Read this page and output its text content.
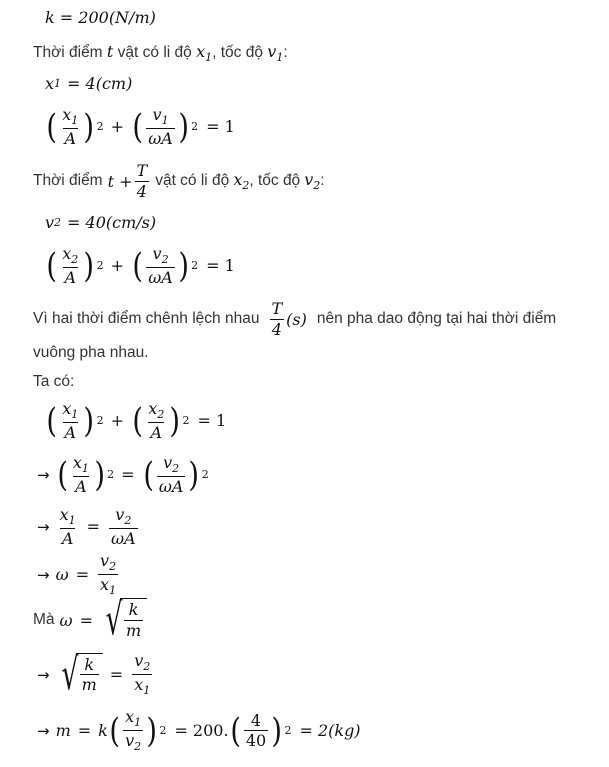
k = 200(N/m)
Thời điểm t vật có li độ $x_1$, tốc độ $v_1$:
x 1 = 4(cm)
( $\frac{x_1}{A}$ ) 2 + ( $\frac{v_1}{\omega A}$ ) 2 = 1
Thời điểm $t + \frac{T}{4}$ vật có li độ $x_2$ , tốc độ $v_2$ :
v 2 = 40(cm/s)
( $\frac{x_2}{A}$ ) 2 + ( $\frac{v_2}{\omega A}$ ) 2 = 1
Vì hai thời điểm chênh lệch nhau $\frac{T}{4} (s)$ nên pha dao động tại hai thời điểm
vuông pha nhau.
Ta có:
( $\frac{x_1}{A}$ ) 2 + ( $\frac{x_2}{A}$ ) 2 = 1
→ ( $\frac{x_1}{A}$ ) 2 = ( $\frac{v_2}{\omega A}$ ) 2
→ $\frac{x_1}{A} = \frac{v_2}{\omega A}$
→ $\omega = \frac{v_2}{x_1}$
Mà ω = √ $\frac{k}{m}$
→ √ $\frac{k}{m} = \frac{v_2}{x_1}$
→ m = k ( $\frac{x_1}{v_2}$ ) 2 = 200. ( $\frac{4}{40}$ ) 2 = 2(kg)
